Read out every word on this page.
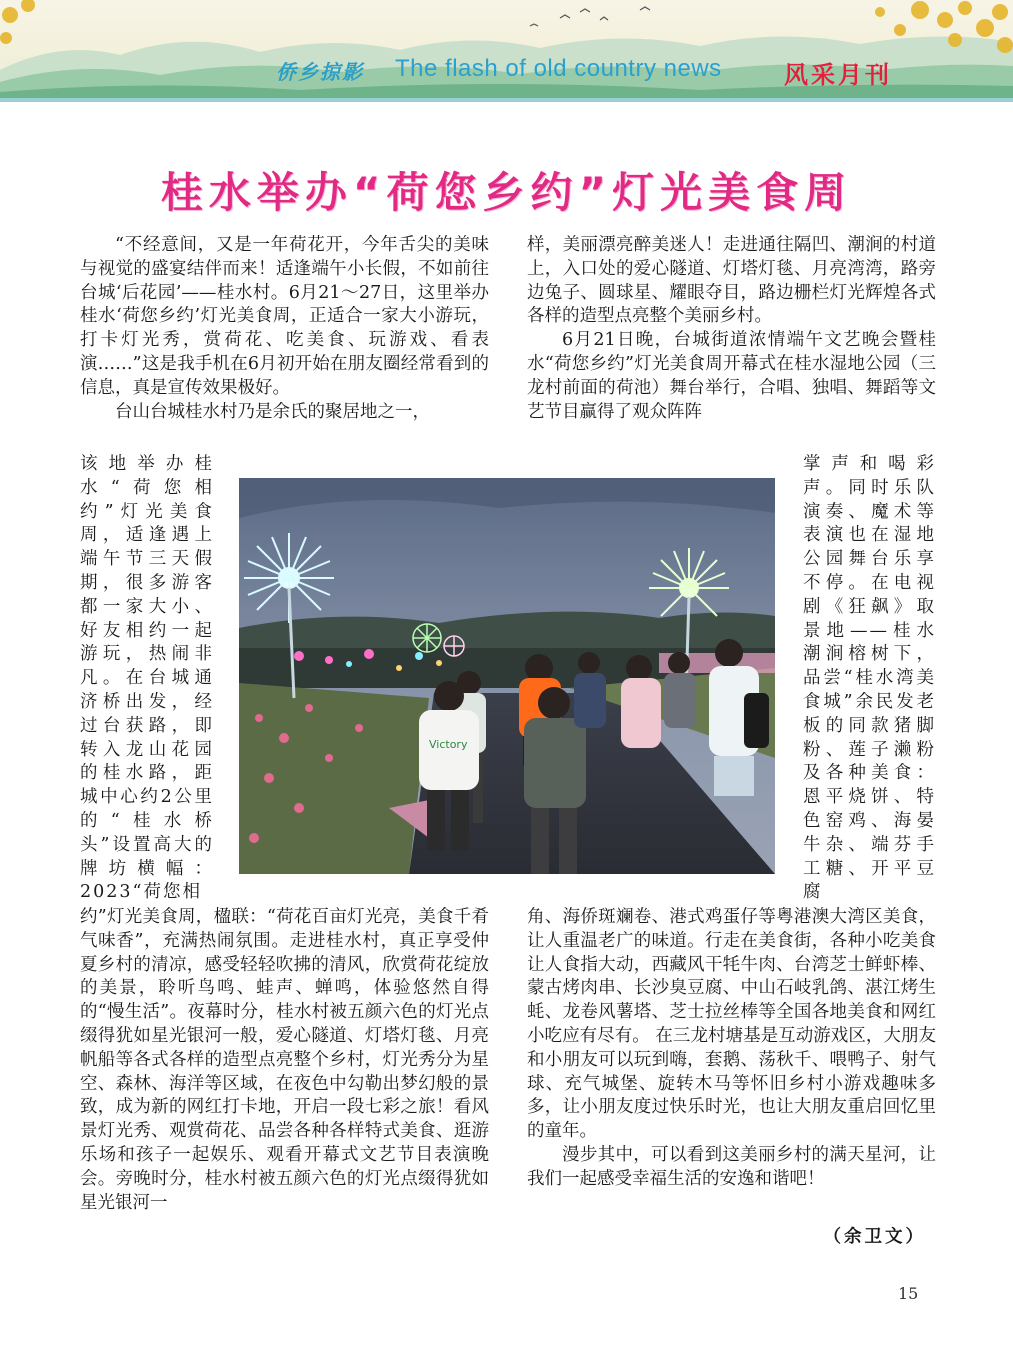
侨乡掠影 The flash of old country news	风采月刊
桂水举办“荷您乡约”灯光美食周

“不经意间，又是一年荷花开，今年舌尖的美味与视觉的盛宴结伴而来！适逢端午小长假，不如前往台城‘后花园’——桂水村。6月21～27日，这里举办桂水‘荷您乡约’灯光美食周，正适合一家大小游玩，打卡灯光秀，赏荷花、吃美食、玩游戏、看表演……”这是我手机在6月初开始在朋友圈经常看到的信息，真是宣传效果极好。

台山台城桂水村乃是余氏的聚居地之一，

该地举办桂水“荷您相约”灯光美食周，适逢遇上端午节三天假期，很多游客都一家大小、好友相约一起游玩，热闹非凡。在台城通济桥出发，经过台获路，即转入龙山花园的桂水路，距城中心约2公里的“桂水桥头”设置高大的牌坊横幅：2023“荷您相

约”灯光美食周，楹联：“荷花百亩灯光亮，美食千肴气味香”，充满热闹氛围。走进桂水村，真正享受仲夏乡村的清凉，感受轻轻吹拂的清风，欣赏荷花绽放的美景，聆听鸟鸣、蛙声、蝉鸣，体验悠然自得的“慢生活”。夜幕时分，桂水村被五颜六色的灯光点缀得犹如星光银河一般，爱心隧道、灯塔灯毯、月亮帆船等各式各样的造型点亮整个乡村，灯光秀分为星空、森林、海洋等区域，在夜色中勾勒出梦幻般的景致，成为新的网红打卡地，开启一段七彩之旅！看风景灯光秀、观赏荷花、品尝各种各样特式美食、逛游乐场和孩子一起娱乐、观看开幕式文艺节目表演晚会。旁晚时分，桂水村被五颜六色的灯光点缀得犹如星光银河一

样，美丽漂亮醉美迷人！走进通往隔凹、潮涧的村道上，入口处的爱心隧道、灯塔灯毯、月亮湾湾，路旁边兔子、圆球星、耀眼夺目，路边栅栏灯光辉煌各式各样的造型点亮整个美丽乡村。

6月21日晚，台城街道浓情端午文艺晚会暨桂水“荷您乡约”灯光美食周开幕式在桂水湿地公园（三龙村前面的荷池）舞台举行，合唱、独唱、舞蹈等文艺节目赢得了观众阵阵

掌声和喝彩声。同时乐队演奏、魔术等表演也在湿地公园舞台乐享不停。在电视剧《狂飙》取景地——桂水潮涧榕树下，品尝“桂水湾美食城”余民发老板的同款猪脚粉、莲子濑粉及各种美食：恩平烧饼、特色窑鸡、海晏牛杂、端芬手工糖、开平豆腐

角、海侨斑斓卷、港式鸡蛋仔等粤港澳大湾区美食，让人重温老广的味道。行走在美食街，各种小吃美食让人食指大动，西藏风干牦牛肉、台湾芝士鲜虾棒、蒙古烤肉串、长沙臭豆腐、中山石岐乳鸽、湛江烤生蚝、龙卷风薯塔、芝士拉丝棒等全国各地美食和网红小吃应有尽有。 在三龙村塘基是互动游戏区，大朋友和小朋友可以玩到嗨，套鹅、荡秋千、喂鸭子、射气球、充气城堡、旋转木马等怀旧乡村小游戏趣味多多，让小朋友度过快乐时光，也让大朋友重启回忆里的童年。

漫步其中，可以看到这美丽乡村的满天星河，让我们一起感受幸福生活的安逸和谐吧！

（余卫文）
Victory
15
